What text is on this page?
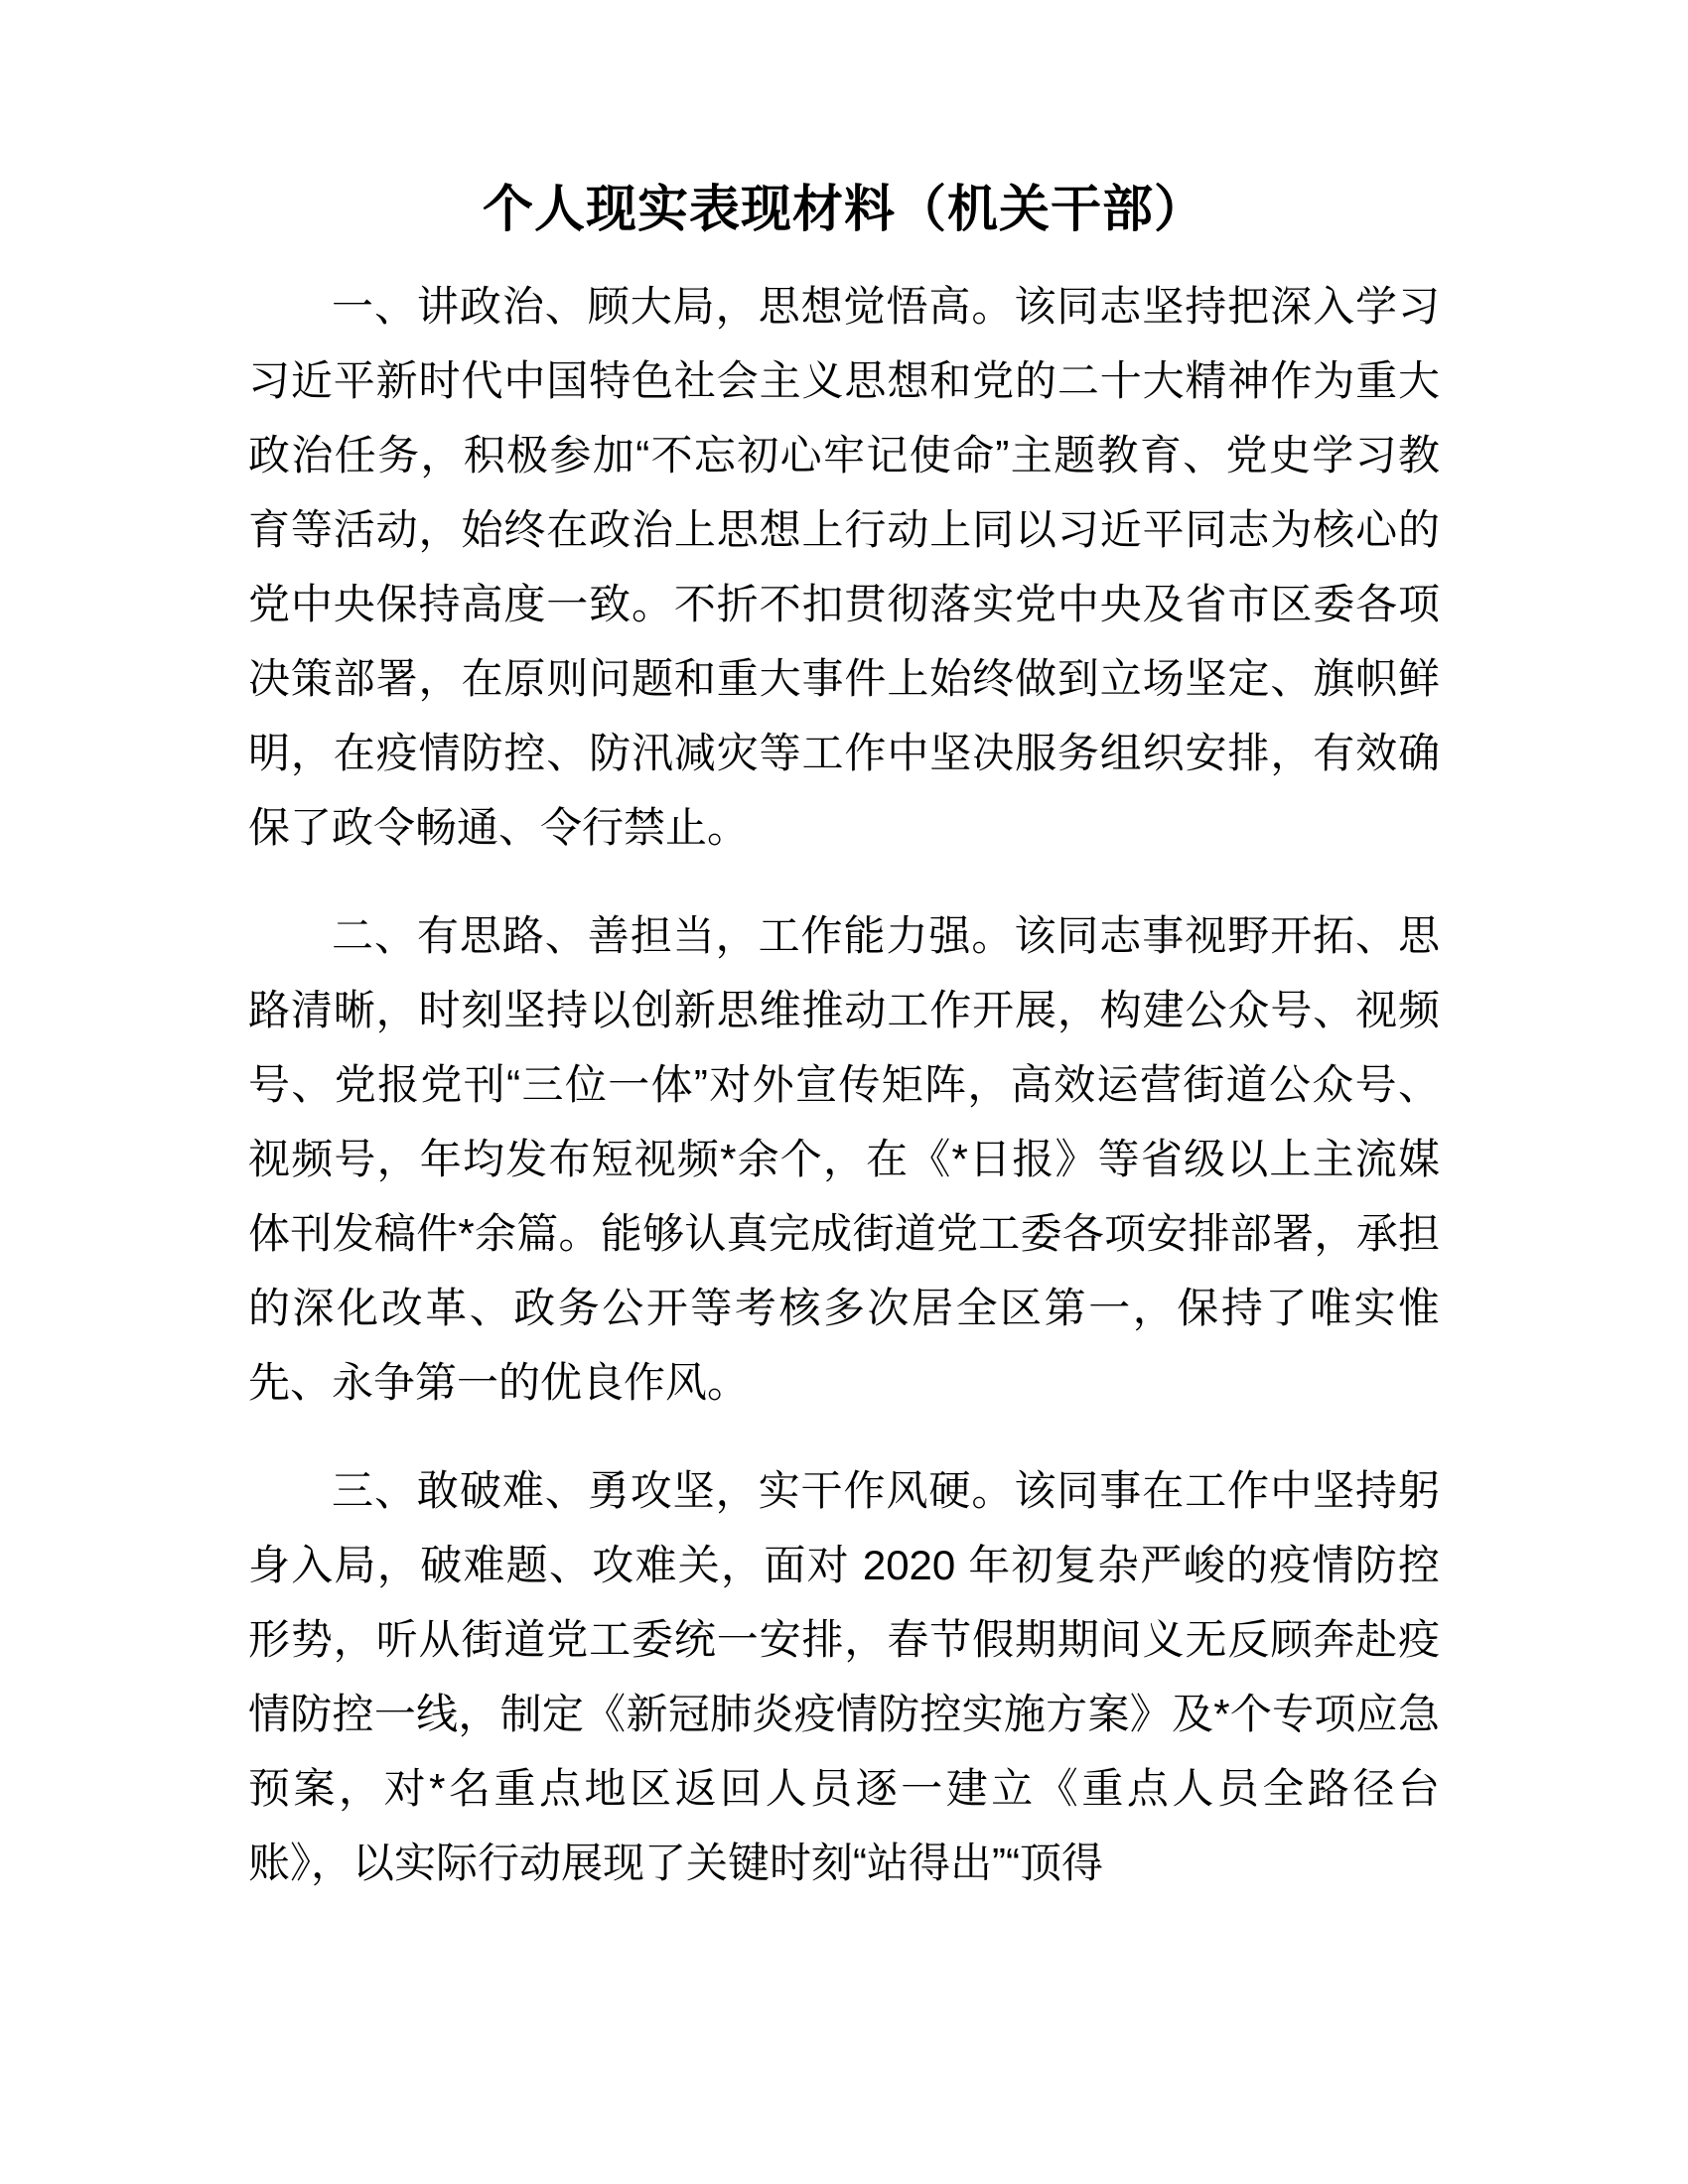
个人现实表现材料（机关干部）

一、讲政治、顾大局，思想觉悟高。该同志坚持把深入学习习近平新时代中国特色社会主义思想和党的二十大精神作为重大政治任务，积极参加“不忘初心牢记使命”主题教育、党史学习教育等活动，始终在政治上思想上行动上同以习近平同志为核心的党中央保持高度一致。不折不扣贯彻落实党中央及省市区委各项决策部署，在原则问题和重大事件上始终做到立场坚定、旗帜鲜明，在疫情防控、防汛减灾等工作中坚决服务组织安排，有效确保了政令畅通、令行禁止。

二、有思路、善担当，工作能力强。该同志事视野开拓、思路清晰，时刻坚持以创新思维推动工作开展，构建公众号、视频号、党报党刊“三位一体”对外宣传矩阵，高效运营街道公众号、视频号，年均发布短视频*余个，在《*日报》等省级以上主流媒体刊发稿件*余篇。能够认真完成街道党工委各项安排部署，承担的深化改革、政务公开等考核多次居全区第一，保持了唯实惟先、永争第一的优良作风。

三、敢破难、勇攻坚，实干作风硬。该同事在工作中坚持躬身入局，破难题、攻难关，面对 2020 年初复杂严峻的疫情防控形势，听从街道党工委统一安排，春节假期期间义无反顾奔赴疫情防控一线，制定《新冠肺炎疫情防控实施方案》及*个专项应急预案，对*名重点地区返回人员逐一建立《重点人员全路径台账》，以实际行动展现了关键时刻“站得出”“顶得
